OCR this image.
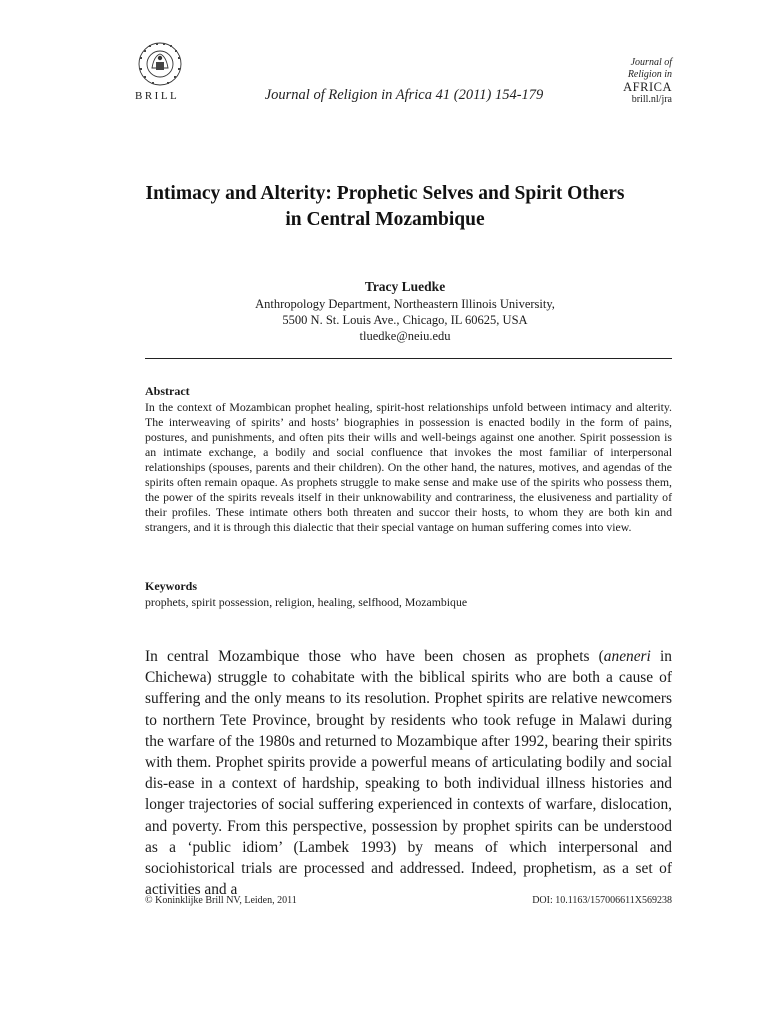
BRILL	Journal of Religion in Africa 41 (2011) 154-179
Journal of
Religion in
AFRICA
brill.nl/jra
Intimacy and Alterity: Prophetic Selves and Spirit Others in Central Mozambique
Tracy Luedke
Anthropology Department, Northeastern Illinois University,
5500 N. St. Louis Ave., Chicago, IL 60625, USA
tluedke@neiu.edu
Abstract
In the context of Mozambican prophet healing, spirit-host relationships unfold between intimacy and alterity. The interweaving of spirits’ and hosts’ biographies in possession is enacted bodily in the form of pains, postures, and punishments, and often pits their wills and well-beings against one another. Spirit possession is an intimate exchange, a bodily and social confluence that invokes the most familiar of interpersonal relationships (spouses, parents and their children). On the other hand, the natures, motives, and agendas of the spirits often remain opaque. As prophets struggle to make sense and make use of the spirits who possess them, the power of the spirits reveals itself in their unknowability and contrariness, the elusiveness and partiality of their profiles. These intimate others both threaten and succor their hosts, to whom they are both kin and strangers, and it is through this dialectic that their special vantage on human suffering comes into view.
Keywords
prophets, spirit possession, religion, healing, selfhood, Mozambique
In central Mozambique those who have been chosen as prophets (aneneri in Chichewa) struggle to cohabitate with the biblical spirits who are both a cause of suffering and the only means to its resolution. Prophet spirits are relative newcomers to northern Tete Province, brought by residents who took refuge in Malawi during the warfare of the 1980s and returned to Mozambique after 1992, bearing their spirits with them. Prophet spirits provide a powerful means of articulating bodily and social dis-ease in a context of hardship, speaking to both individual illness histories and longer trajectories of social suffering experienced in contexts of warfare, dislocation, and poverty. From this perspective, possession by prophet spirits can be understood as a ‘public idiom’ (Lambek 1993) by means of which interpersonal and sociohistorical trials are processed and addressed. Indeed, prophetism, as a set of activities and a
© Koninklijke Brill NV, Leiden, 2011	DOI: 10.1163/157006611X569238
